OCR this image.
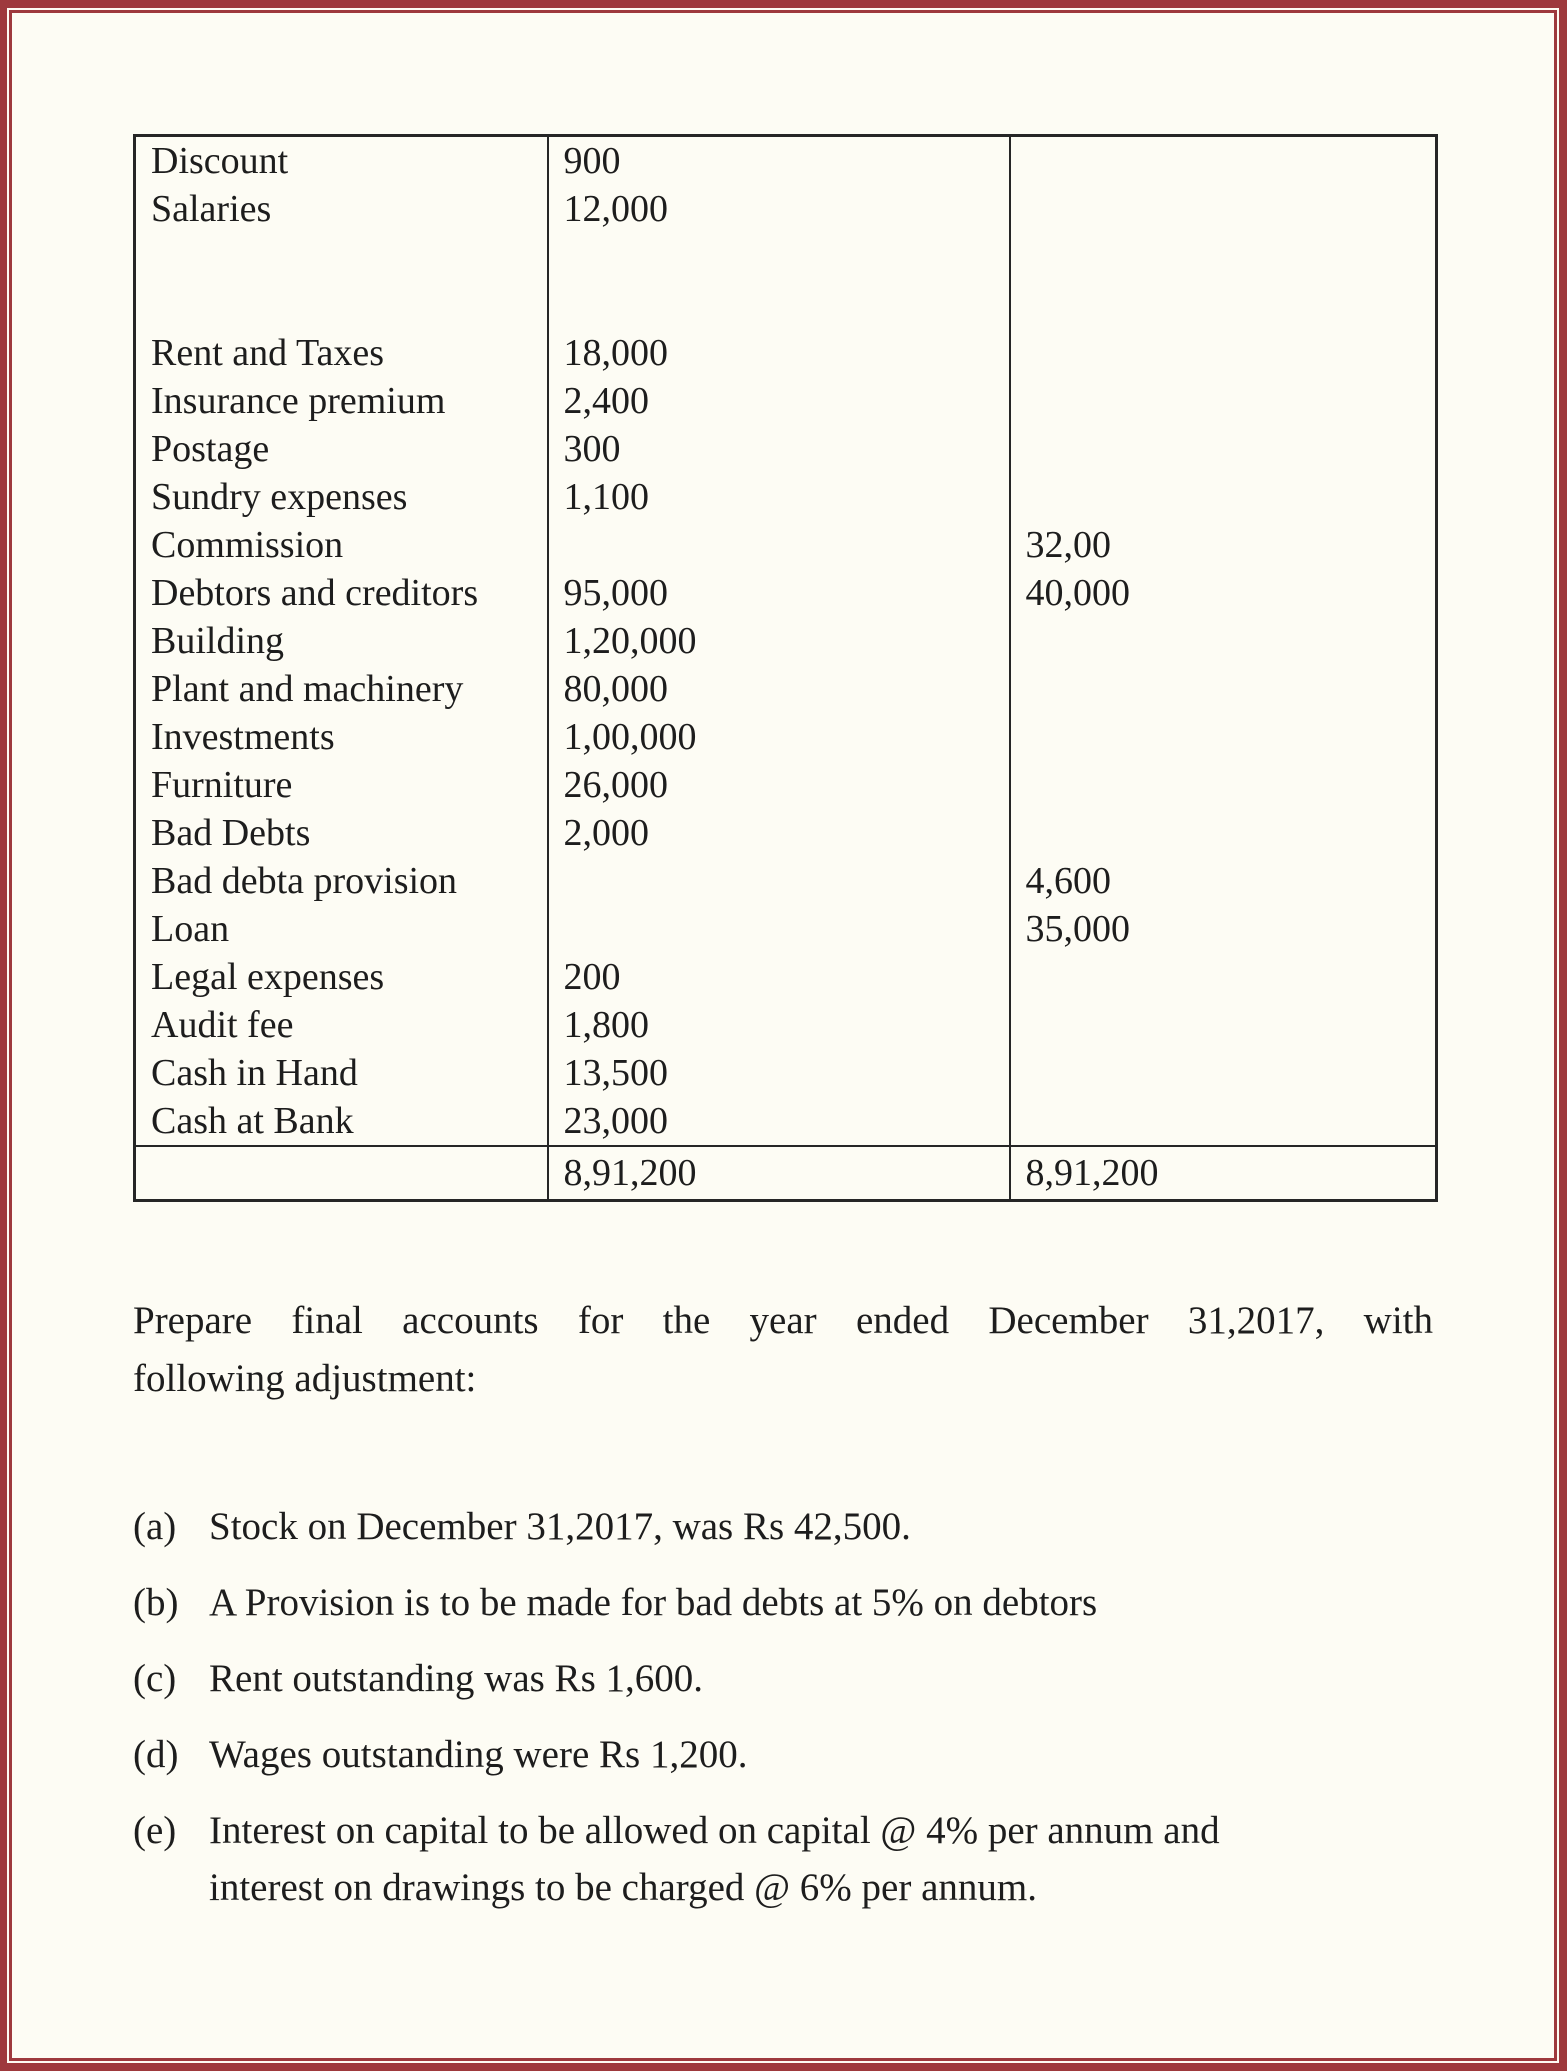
Discount	900	
Salaries	12,000	

Rent and Taxes	18,000	
Insurance premium	2,400	
Postage	300	
Sundry expenses	1,100	
Commission		32,00
Debtors and creditors	95,000	40,000
Building	1,20,000	
Plant and machinery	80,000	
Investments	1,00,000	
Furniture	26,000	
Bad Debts	2,000	
Bad debta provision		4,600
Loan		35,000
Legal expenses	200	
Audit fee	1,800	
Cash in Hand	13,500	
Cash at Bank	23,000	
	8,91,200	8,91,200
Prepare final accounts for the year ended December 31,2017, with
following adjustment:
(a) Stock on December 31,2017, was Rs 42,500.
(b) A Provision is to be made for bad debts at 5% on debtors
(c) Rent outstanding was Rs 1,600.
(d) Wages outstanding were Rs 1,200.
(e) Interest on capital to be allowed on capital @ 4% per annum and
interest on drawings to be charged @ 6% per annum.
